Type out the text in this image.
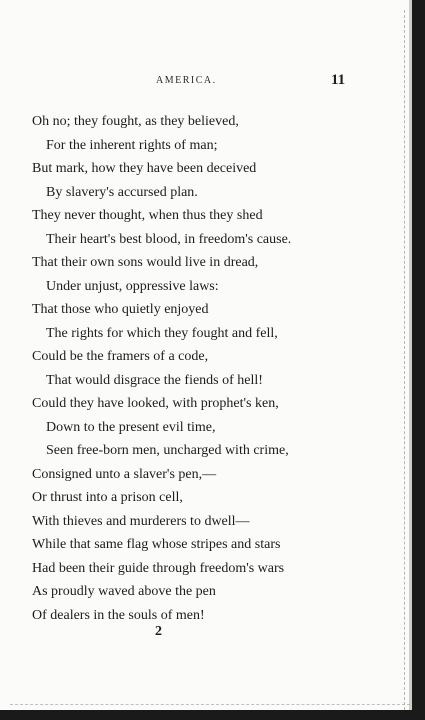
AMERICA.	11
Oh no; they fought, as they believed,
For the inherent rights of man;
But mark, how they have been deceived
By slavery's accursed plan.
They never thought, when thus they shed
Their heart's best blood, in freedom's cause.
That their own sons would live in dread,
Under unjust, oppressive laws:
That those who quietly enjoyed
The rights for which they fought and fell,
Could be the framers of a code,
That would disgrace the fiends of hell!
Could they have looked, with prophet's ken,
Down to the present evil time,
Seen free-born men, uncharged with crime,
Consigned unto a slaver's pen,—
Or thrust into a prison cell,
With thieves and murderers to dwell—
While that same flag whose stripes and stars
Had been their guide through freedom's wars
As proudly waved above the pen
Of dealers in the souls of men!
2
